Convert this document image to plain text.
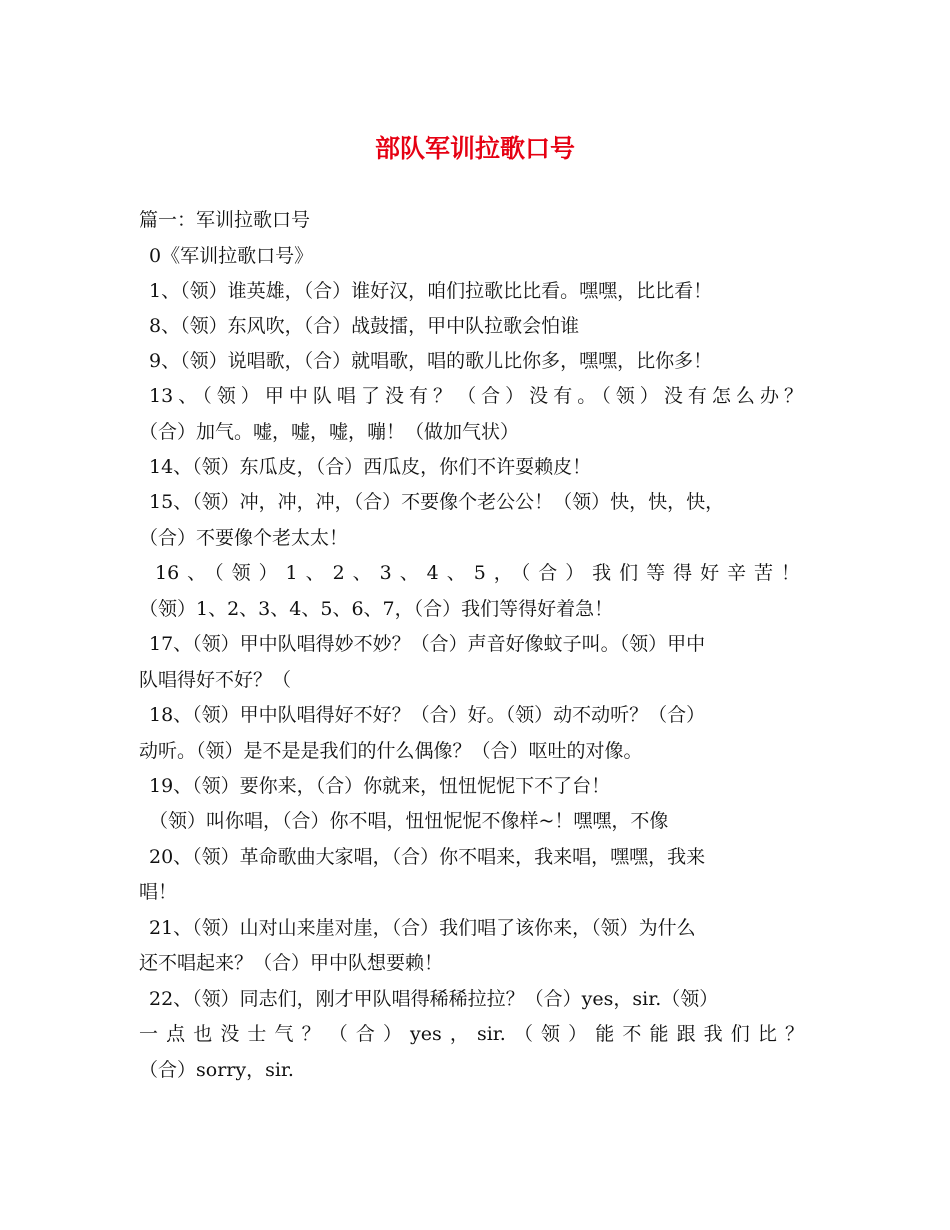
部队军训拉歌口号
篇一：军训拉歌口号
0《军训拉歌口号》
1、（领）谁英雄，（合）谁好汉，咱们拉歌比比看。嘿嘿，比比看！
8、（领）东风吹，（合）战鼓擂，甲中队拉歌会怕谁
9、（领）说唱歌，（合）就唱歌，唱的歌儿比你多，嘿嘿，比你多！
13、（领）甲中队唱了没有？（合）没有。（领）没有怎么办？
（合）加气。嘘，嘘，嘘，嘣！（做加气状）
14、（领）东瓜皮，（合）西瓜皮，你们不许耍赖皮！
15、（领）冲，冲，冲，（合）不要像个老公公！（领）快，快，快，
（合）不要像个老太太！
16、（领）1、2、3、4、5，（合）我们等得好辛苦！
（领）1、2、3、4、5、6、7，（合）我们等得好着急！
17、（领）甲中队唱得妙不妙？（合）声音好像蚊子叫。（领）甲中
队唱得好不好？（
18、（领）甲中队唱得好不好？（合）好。（领）动不动听？（合）
动听。（领）是不是是我们的什么偶像？（合）呕吐的对像。
19、（领）要你来，（合）你就来，忸忸怩怩下不了台！
（领）叫你唱，（合）你不唱，忸忸怩怩不像样~！嘿嘿，不像
20、（领）革命歌曲大家唱，（合）你不唱来，我来唱，嘿嘿，我来
唱！
21、（领）山对山来崖对崖，（合）我们唱了该你来，（领）为什么
还不唱起来？（合）甲中队想要赖！
22、（领）同志们，刚才甲队唱得稀稀拉拉？（合）yes，sir.（领）
一点也没士气？（合）yes，sir.（领）能不能跟我们比？
（合）sorry，sir.
